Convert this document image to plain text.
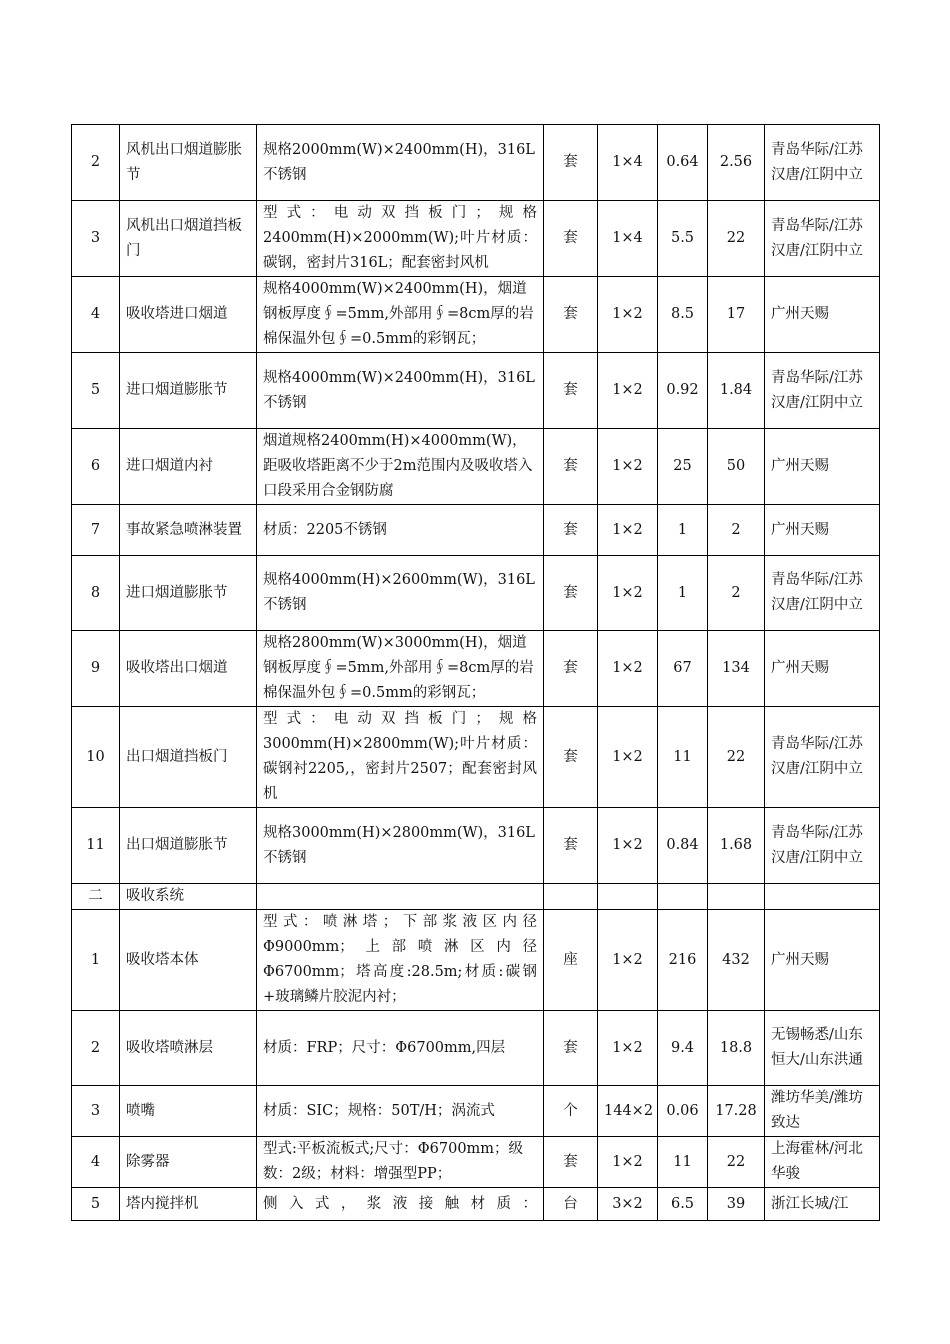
2	风机出口烟道膨胀节	规格2000mm(W)×2400mm(H)，316L不锈钢	套	1×4	0.64	2.56	青岛华际/江苏汉唐/江阴中立
3	风机出口烟道挡板门	型式：电动双挡板门；规格2400mm(H)×2000mm(W);叶片材质：碳钢，密封片316L；配套密封风机	套	1×4	5.5	22	青岛华际/江苏汉唐/江阴中立
4	吸收塔进口烟道	规格4000mm(W)×2400mm(H)，烟道钢板厚度∮=5mm,外部用∮=8cm厚的岩棉保温外包∮=0.5mm的彩钢瓦；	套	1×2	8.5	17	广州天赐
5	进口烟道膨胀节	规格4000mm(W)×2400mm(H)，316L不锈钢	套	1×2	0.92	1.84	青岛华际/江苏汉唐/江阴中立
6	进口烟道内衬	烟道规格2400mm(H)×4000mm(W)，距吸收塔距离不少于2m范围内及吸收塔入口段采用合金钢防腐	套	1×2	25	50	广州天赐
7	事故紧急喷淋装置	材质：2205不锈钢	套	1×2	1	2	广州天赐
8	进口烟道膨胀节	规格4000mm(H)×2600mm(W)，316L不锈钢	套	1×2	1	2	青岛华际/江苏汉唐/江阴中立
9	吸收塔出口烟道	规格2800mm(W)×3000mm(H)，烟道钢板厚度∮=5mm,外部用∮=8cm厚的岩棉保温外包∮=0.5mm的彩钢瓦；	套	1×2	67	134	广州天赐
10	出口烟道挡板门	型式：电动双挡板门；规格3000mm(H)×2800mm(W);叶片材质：碳钢衬2205,，密封片2507；配套密封风机	套	1×2	11	22	青岛华际/江苏汉唐/江阴中立
11	出口烟道膨胀节	规格3000mm(H)×2800mm(W)，316L不锈钢	套	1×2	0.84	1.68	青岛华际/江苏汉唐/江阴中立
二	吸收系统						
1	吸收塔本体	型式：喷淋塔；下部浆液区内径Φ9000mm；上部喷淋区内径Φ6700mm；塔高度:28.5m;材质:碳钢+玻璃鳞片胶泥内衬；	座	1×2	216	432	广州天赐
2	吸收塔喷淋层	材质：FRP；尺寸：Φ6700mm,四层	套	1×2	9.4	18.8	无锡畅悉/山东恒大/山东洪通
3	喷嘴	材质：SIC；规格：50T/H；涡流式	个	144×2	0.06	17.28	潍坊华美/潍坊致达
4	除雾器	型式:平板流板式;尺寸：Φ6700mm；级数：2级；材料：增强型PP；	套	1×2	11	22	上海霍林/河北华骏
5	塔内搅拌机	侧入式，浆液接触材质：	台	3×2	6.5	39	浙江长城/江
